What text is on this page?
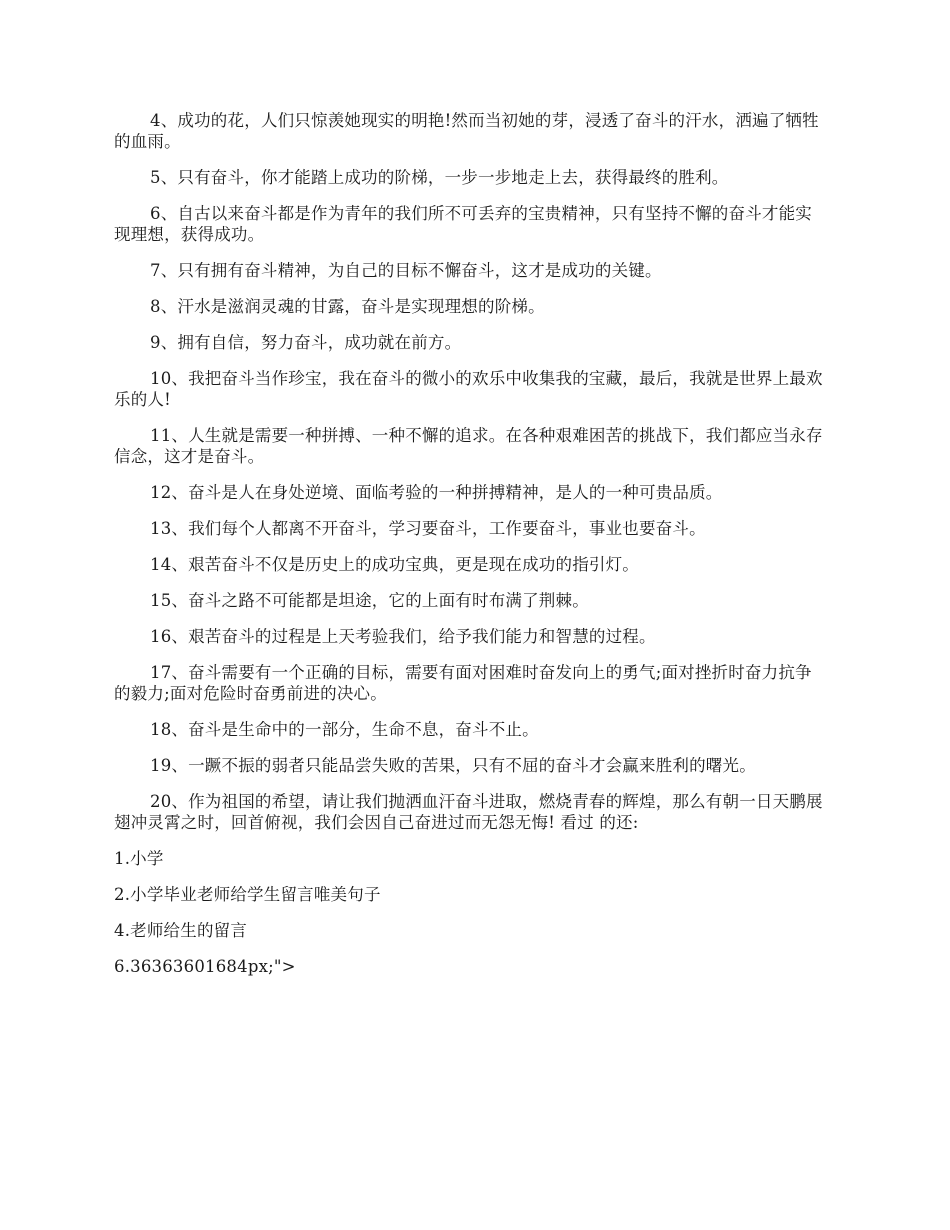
4、成功的花，人们只惊羡她现实的明艳!然而当初她的芽，浸透了奋斗的汗水，洒遍了牺牲的血雨。

5、只有奋斗，你才能踏上成功的阶梯，一步一步地走上去，获得最终的胜利。

6、自古以来奋斗都是作为青年的我们所不可丢弃的宝贵精神，只有坚持不懈的奋斗才能实现理想，获得成功。

7、只有拥有奋斗精神，为自己的目标不懈奋斗，这才是成功的关键。

8、汗水是滋润灵魂的甘露，奋斗是实现理想的阶梯。

9、拥有自信，努力奋斗，成功就在前方。

10、我把奋斗当作珍宝，我在奋斗的微小的欢乐中收集我的宝藏，最后，我就是世界上最欢乐的人!

11、人生就是需要一种拼搏、一种不懈的追求。在各种艰难困苦的挑战下，我们都应当永存信念，这才是奋斗。

12、奋斗是人在身处逆境、面临考验的一种拼搏精神，是人的一种可贵品质。

13、我们每个人都离不开奋斗，学习要奋斗，工作要奋斗，事业也要奋斗。

14、艰苦奋斗不仅是历史上的成功宝典，更是现在成功的指引灯。

15、奋斗之路不可能都是坦途，它的上面有时布满了荆棘。

16、艰苦奋斗的过程是上天考验我们，给予我们能力和智慧的过程。

17、奋斗需要有一个正确的目标，需要有面对困难时奋发向上的勇气;面对挫折时奋力抗争的毅力;面对危险时奋勇前进的决心。

18、奋斗是生命中的一部分，生命不息，奋斗不止。

19、一蹶不振的弱者只能品尝失败的苦果，只有不屈的奋斗才会赢来胜利的曙光。

20、作为祖国的希望，请让我们抛洒血汗奋斗进取，燃烧青春的辉煌，那么有朝一日天鹏展翅冲灵霄之时，回首俯视，我们会因自己奋进过而无怨无悔! 看过 的还:

1.小学

2.小学毕业老师给学生留言唯美句子

4.老师给生的留言

6.36363601684px;">
